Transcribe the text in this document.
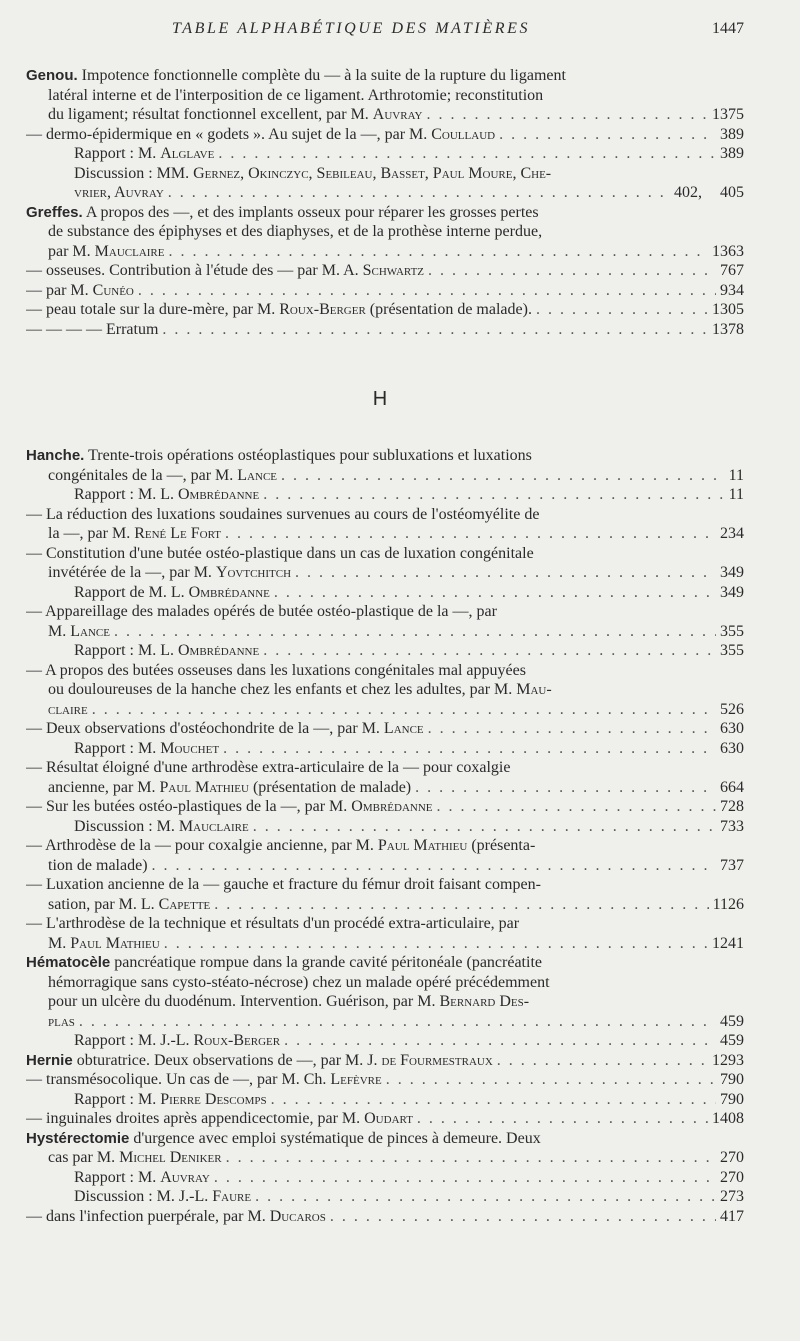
TABLE ALPHABÉTIQUE DES MATIÈRES	1447
Genou. Impotence fonctionnelle complète du — à la suite de la rupture du ligament
latéral interne et de l'interposition de ce ligament. Arthrotomie; reconstitution
du ligament; résultat fonctionnel excellent, par M. Auvray . . .	1375
— dermo-épidermique en « godets ». Au sujet de la —, par M. Coullaud . . .	389
Rapport : M. Alglave . . .	389
Discussion : MM. Gernez, Okinczyc, Sebileau, Basset, Paul Moure, Che-
vrier, Auvray . . .	402, 405
Greffes. A propos des —, et des implants osseux pour réparer les grosses pertes
de substance des épiphyses et des diaphyses, et de la prothèse interne perdue,
par M. Mauclaire . . .	1363
— osseuses. Contribution à l'étude des — par M. A. Schwartz . . .	767
— par M. Cunéo . . .	934
— peau totale sur la dure-mère, par M. Roux-Berger (présentation de malade). . . .	1305
— — — — Erratum . . .	1378
H
Hanche. Trente-trois opérations ostéoplastiques pour subluxations et luxations
congénitales de la —, par M. Lance . . .	11
Rapport : M. L. Ombrédanne . . .	11
— La réduction des luxations soudaines survenues au cours de l'ostéomyélite de
la —, par M. René Le Fort . . .	234
— Constitution d'une butée ostéo-plastique dans un cas de luxation congénitale
invétérée de la —, par M. Yovtchitch . . .	349
Rapport de M. L. Ombrédanne . . .	349
— Appareillage des malades opérés de butée ostéo-plastique de la —, par
M. Lance . . .	355
Rapport : M. L. Ombrédanne . . .	355
— A propos des butées osseuses dans les luxations congénitales mal appuyées
ou douloureuses de la hanche chez les enfants et chez les adultes, par M. Mau-
claire . . .	526
— Deux observations d'ostéochondrite de la —, par M. Lance . . .	630
Rapport : M. Mouchet . . .	630
— Résultat éloigné d'une arthrodèse extra-articulaire de la — pour coxalgie
ancienne, par M. Paul Mathieu (présentation de malade) . . .	664
— Sur les butées ostéo-plastiques de la —, par M. Ombrédanne . . .	728
Discussion : M. Mauclaire . . .	733
— Arthrodèse de la — pour coxalgie ancienne, par M. Paul Mathieu (présenta-
tion de malade) . . .	737
— Luxation ancienne de la — gauche et fracture du fémur droit faisant compen-
sation, par M. L. Capette . . .	1126
— L'arthrodèse de la technique et résultats d'un procédé extra-articulaire, par
M. Paul Mathieu . . .	1241
Hématocèle pancréatique rompue dans la grande cavité péritonéale (pancréatite
hémorragique sans cysto-stéato-nécrose) chez un malade opéré précédemment
pour un ulcère du duodénum. Intervention. Guérison, par M. Bernard Des-
plas . . .	459
Rapport : M. J.-L. Roux-Berger . . .	459
Hernie obturatrice. Deux observations de —, par M. J. de Fourmestraux . . .	1293
— transmésocolique. Un cas de —, par M. Ch. Lefèvre . . .	790
Rapport : M. Pierre Descomps . . .	790
— inguinales droites après appendicectomie, par M. Oudart . . .	1408
Hystérectomie d'urgence avec emploi systématique de pinces à demeure. Deux
cas par M. Michel Deniker . . .	270
Rapport : M. Auvray . . .	270
Discussion : M. J.-L. Faure . . .	273
— dans l'infection puerpérale, par M. Ducaros . . .	417
